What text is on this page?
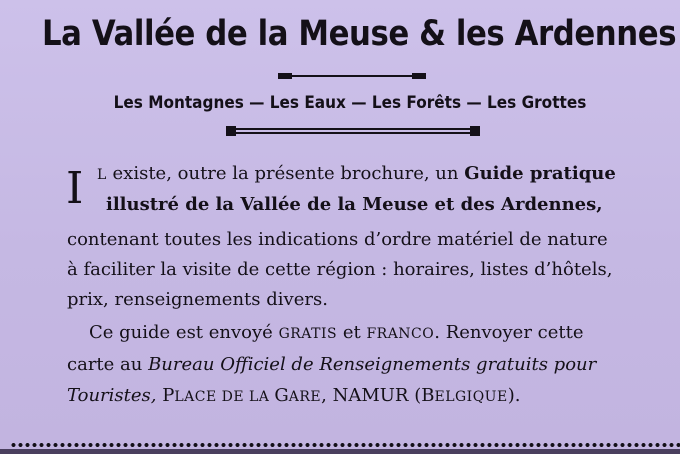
La Vallée de la Meuse & les Ardennes
Les Montagnes — Les Eaux — Les Forêts — Les Grottes
I L existe, outre la présente brochure, un Guide pratique
illustré de la Vallée de la Meuse et des Ardennes,
contenant toutes les indications d’ordre matériel de nature
à faciliter la visite de cette région : horaires, listes d’hôtels,
prix, renseignements divers.
Ce guide est envoyé GRATIS et FRANCO. Renvoyer cette
carte au Bureau Officiel de Renseignements gratuits pour
Touristes, PLACE DE LA GARE, NAMUR (BELGIQUE).
